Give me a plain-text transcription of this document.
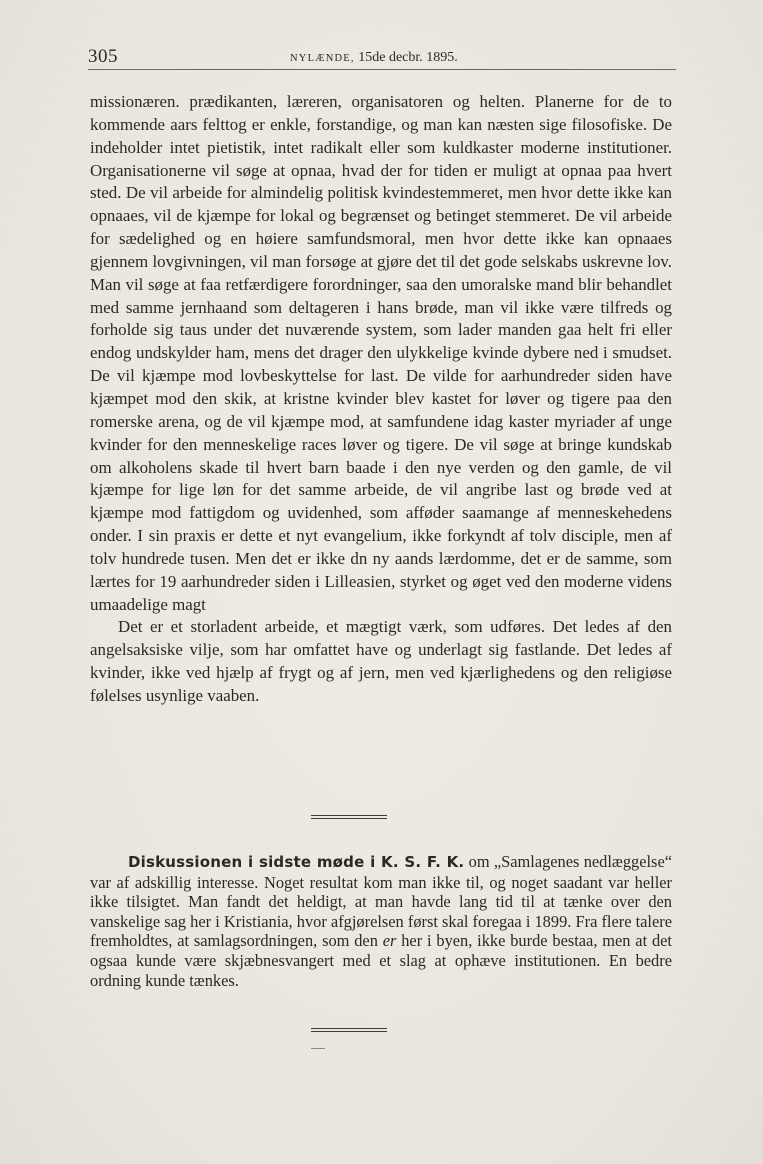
305	NYLÆNDE, 15de decbr. 1895.

missionæren. prædikanten, læreren, organisatoren og helten. Planerne for de to kommende aars felttog er enkle, forstandige, og man kan næsten sige filosofiske. De indeholder intet pietistik, intet radikalt eller som kuldkaster moderne institutioner. Organisationerne vil søge at opnaa, hvad der for tiden er muligt at opnaa paa hvert sted. De vil arbeide for almindelig politisk kvindestemmeret, men hvor dette ikke kan opnaaes, vil de kjæmpe for lokal og begrænset og betinget stemmeret. De vil arbeide for sædelighed og en høiere samfundsmoral, men hvor dette ikke kan opnaaes gjennem lovgivningen, vil man forsøge at gjøre det til det gode selskabs uskrevne lov. Man vil søge at faa retfærdigere forordninger, saa den umoralske mand blir behandlet med samme jernhaand som deltageren i hans brøde, man vil ikke være tilfreds og forholde sig taus under det nuværende system, som lader manden gaa helt fri eller endog undskylder ham, mens det drager den ulykkelige kvinde dybere ned i smudset. De vil kjæmpe mod lovbeskyttelse for last. De vilde for aarhundreder siden have kjæmpet mod den skik, at kristne kvinder blev kastet for løver og tigere paa den romerske arena, og de vil kjæmpe mod, at samfundene idag kaster myriader af unge kvinder for den menneskelige races løver og tigere. De vil søge at bringe kundskab om alkoholens skade til hvert barn baade i den nye verden og den gamle, de vil kjæmpe for lige løn for det samme arbeide, de vil angribe last og brøde ved at kjæmpe mod fattigdom og uvidenhed, som afføder saamange af menneskehedens onder. I sin praxis er dette et nyt evangelium, ikke forkyndt af tolv disciple, men af tolv hundrede tusen. Men det er ikke dn ny aands lærdomme, det er de samme, som lærtes for 19 aarhundreder siden i Lilleasien, styrket og øget ved den moderne videns umaadelige magt

Det er et storladent arbeide, et mægtigt værk, som udføres. Det ledes af den angelsaksiske vilje, som har omfattet have og underlagt sig fastlande. Det ledes af kvinder, ikke ved hjælp af frygt og af jern, men ved kjærlighedens og den religiøse følelses usynlige vaaben.

Diskussionen i sidste møde i K. S. F. K. om „Samlagenes nedlæggelse“ var af adskillig interesse. Noget resultat kom man ikke til, og noget saadant var heller ikke tilsigtet. Man fandt det heldigt, at man havde lang tid til at tænke over den vanskelige sag her i Kristiania, hvor afgjørelsen først skal foregaa i 1899. Fra flere talere fremholdtes, at samlagsordningen, som den er her i byen, ikke burde bestaa, men at det ogsaa kunde være skjæbnesvangert med et slag at ophæve institutionen. En bedre ordning kunde tænkes.
